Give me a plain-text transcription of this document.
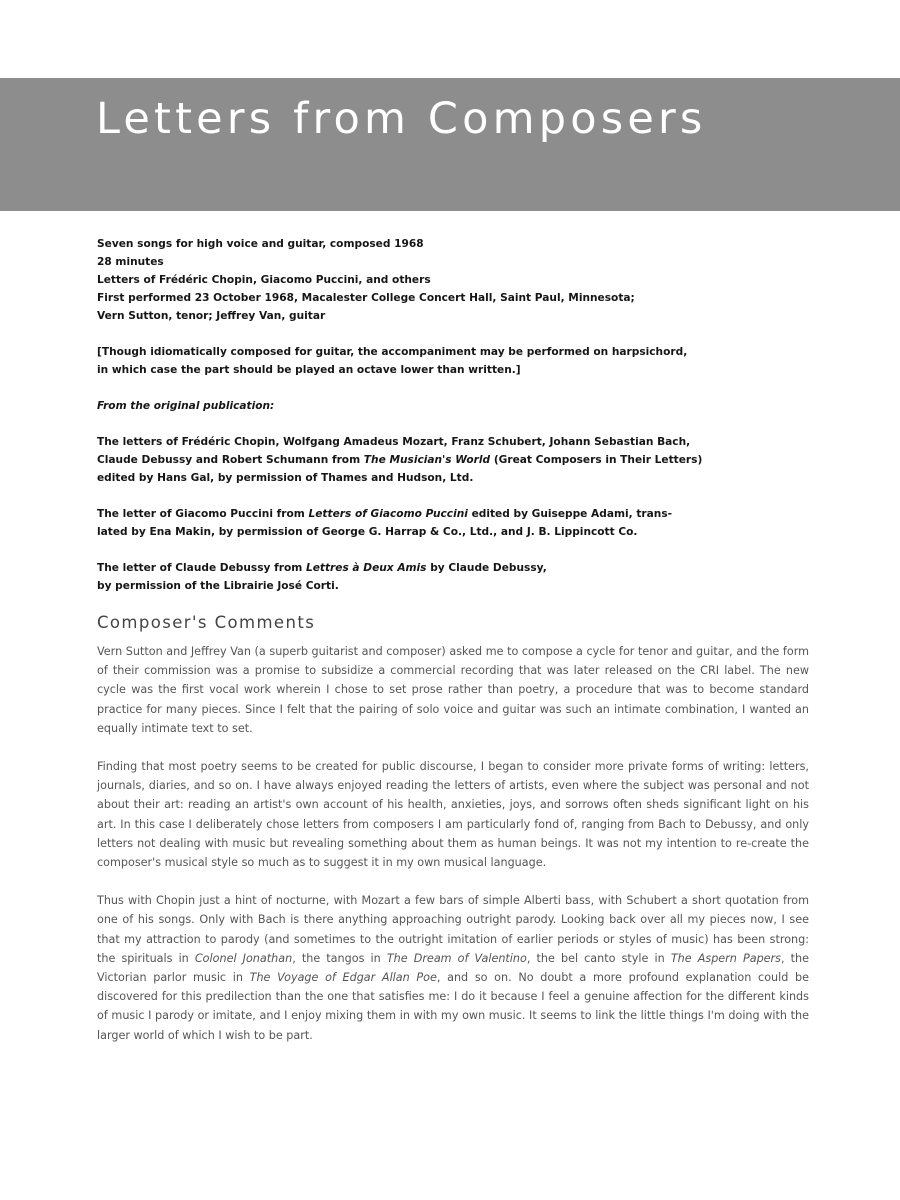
Letters from Composers

Seven songs for high voice and guitar, composed 1968
28 minutes
Letters of Frédéric Chopin, Giacomo Puccini, and others
First performed 23 October 1968, Macalester College Concert Hall, Saint Paul, Minnesota;
Vern Sutton, tenor; Jeffrey Van, guitar

[Though idiomatically composed for guitar, the accompaniment may be performed on harpsichord,
in which case the part should be played an octave lower than written.]

From the original publication:

The letters of Frédéric Chopin, Wolfgang Amadeus Mozart, Franz Schubert, Johann Sebastian Bach,
Claude Debussy and Robert Schumann from The Musician's World (Great Composers in Their Letters)
edited by Hans Gal, by permission of Thames and Hudson, Ltd.

The letter of Giacomo Puccini from Letters of Giacomo Puccini edited by Guiseppe Adami, trans-
lated by Ena Makin, by permission of George G. Harrap & Co., Ltd., and J. B. Lippincott Co.

The letter of Claude Debussy from Lettres à Deux Amis by Claude Debussy,
by permission of the Librairie José Corti.

Composer's Comments

Vern Sutton and Jeffrey Van (a superb guitarist and composer) asked me to compose a cycle for tenor and guitar, and the form of their commission was a promise to subsidize a commercial recording that was later released on the CRI label. The new cycle was the first vocal work wherein I chose to set prose rather than poetry, a procedure that was to become standard practice for many pieces. Since I felt that the pairing of solo voice and guitar was such an intimate combination, I wanted an equally intimate text to set.

Finding that most poetry seems to be created for public discourse, I began to consider more private forms of writing: letters, journals, diaries, and so on. I have always enjoyed reading the letters of artists, even where the subject was personal and not about their art: reading an artist's own account of his health, anxieties, joys, and sorrows often sheds significant light on his art. In this case I deliberately chose letters from composers I am particularly fond of, ranging from Bach to Debussy, and only letters not dealing with music but revealing something about them as human beings. It was not my intention to re-create the composer's musical style so much as to suggest it in my own musical language.

Thus with Chopin just a hint of nocturne, with Mozart a few bars of simple Alberti bass, with Schubert a short quotation from one of his songs. Only with Bach is there anything approaching outright parody. Looking back over all my pieces now, I see that my attraction to parody (and sometimes to the outright imitation of earlier periods or styles of music) has been strong: the spirituals in Colonel Jonathan, the tangos in The Dream of Valentino, the bel canto style in The Aspern Papers, the Victorian parlor music in The Voyage of Edgar Allan Poe, and so on. No doubt a more profound explanation could be discovered for this predilection than the one that satisfies me: I do it because I feel a genuine affection for the different kinds of music I parody or imitate, and I enjoy mixing them in with my own music. It seems to link the little things I'm doing with the larger world of which I wish to be part.
